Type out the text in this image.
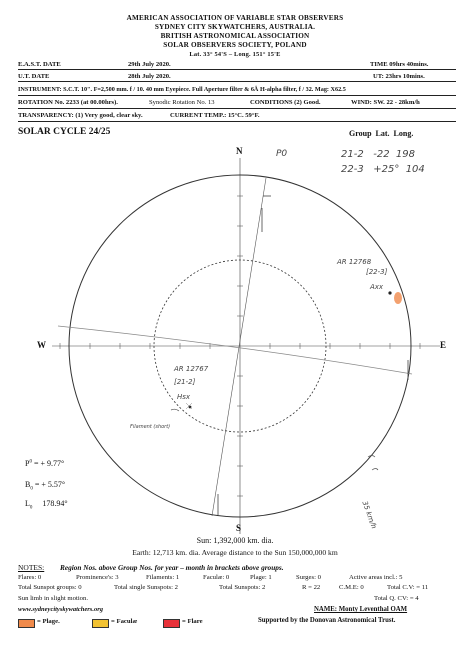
AMERICAN ASSOCIATION OF VARIABLE STAR OBSERVERS
SYDNEY CITY SKYWATCHERS, AUSTRALIA.
BRITISH ASTRONOMICAL ASSOCIATION
SOLAR OBSERVERS SOCIETY, POLAND
Lat. 33° 54'S – Long. 151° 15'E
E.A.S.T. DATE	29th July 2020.	TIME 09hrs 40mins.
U.T. DATE	28th July 2020.	UT: 23hrs 10mins.
INSTRUMENT: S.C.T. 10". F=2,500 mm. f / 10. 40 mm Eyepiece. Full Aperture filter & 6Å H-alpha filter, f / 32. Mag: X62.5
ROTATION No. 2233 (at 00.00hrs).	Synodic Rotation No. 13	CONDITIONS (2) Good.	WIND: SW. 22 - 28km/h
TRANSPARENCY: (1) Very good, clear sky.	CURRENT TEMP.: 15°C. 59°F.
SOLAR CYCLE 24/25	Group  Lat.  Long.
21-2   -22  198
22-3   +25°  104
N
S
W	E
P0
AR 12768
[22-3]
Axx
AR 12767
[21-2]
Hsx
Filament (short)
35 km/h
$P^0$ = + 9.77°
$B_0$ = + 5.57°
$L_0$ 178.94°
Sun: 1,392,000 km. dia.
Earth: 12,713 km. dia. Average distance to the Sun 150,000,000 km
NOTES: Region Nos. above Group Nos. for year – month in brackets above groups.
Flares: 0	Prominence's: 3	Filaments: 1	Faculæ: 0	Plage: 1	Surges: 0	Active areas incl.: 5
Total Sunspot groups: 0	Total single Sunspots: 2	Total Sunspots: 2	R = 22	C.M.E: 0	Total C.V: = 11
Sun limb in slight motion.	Total Q. CV: = 4
www.sydneycityskywatchers.org	NAME: Monty Leventhal OAM
Supported by the Donovan Astronomical Trust.
= Plage.	= Faculæ	= Flare
